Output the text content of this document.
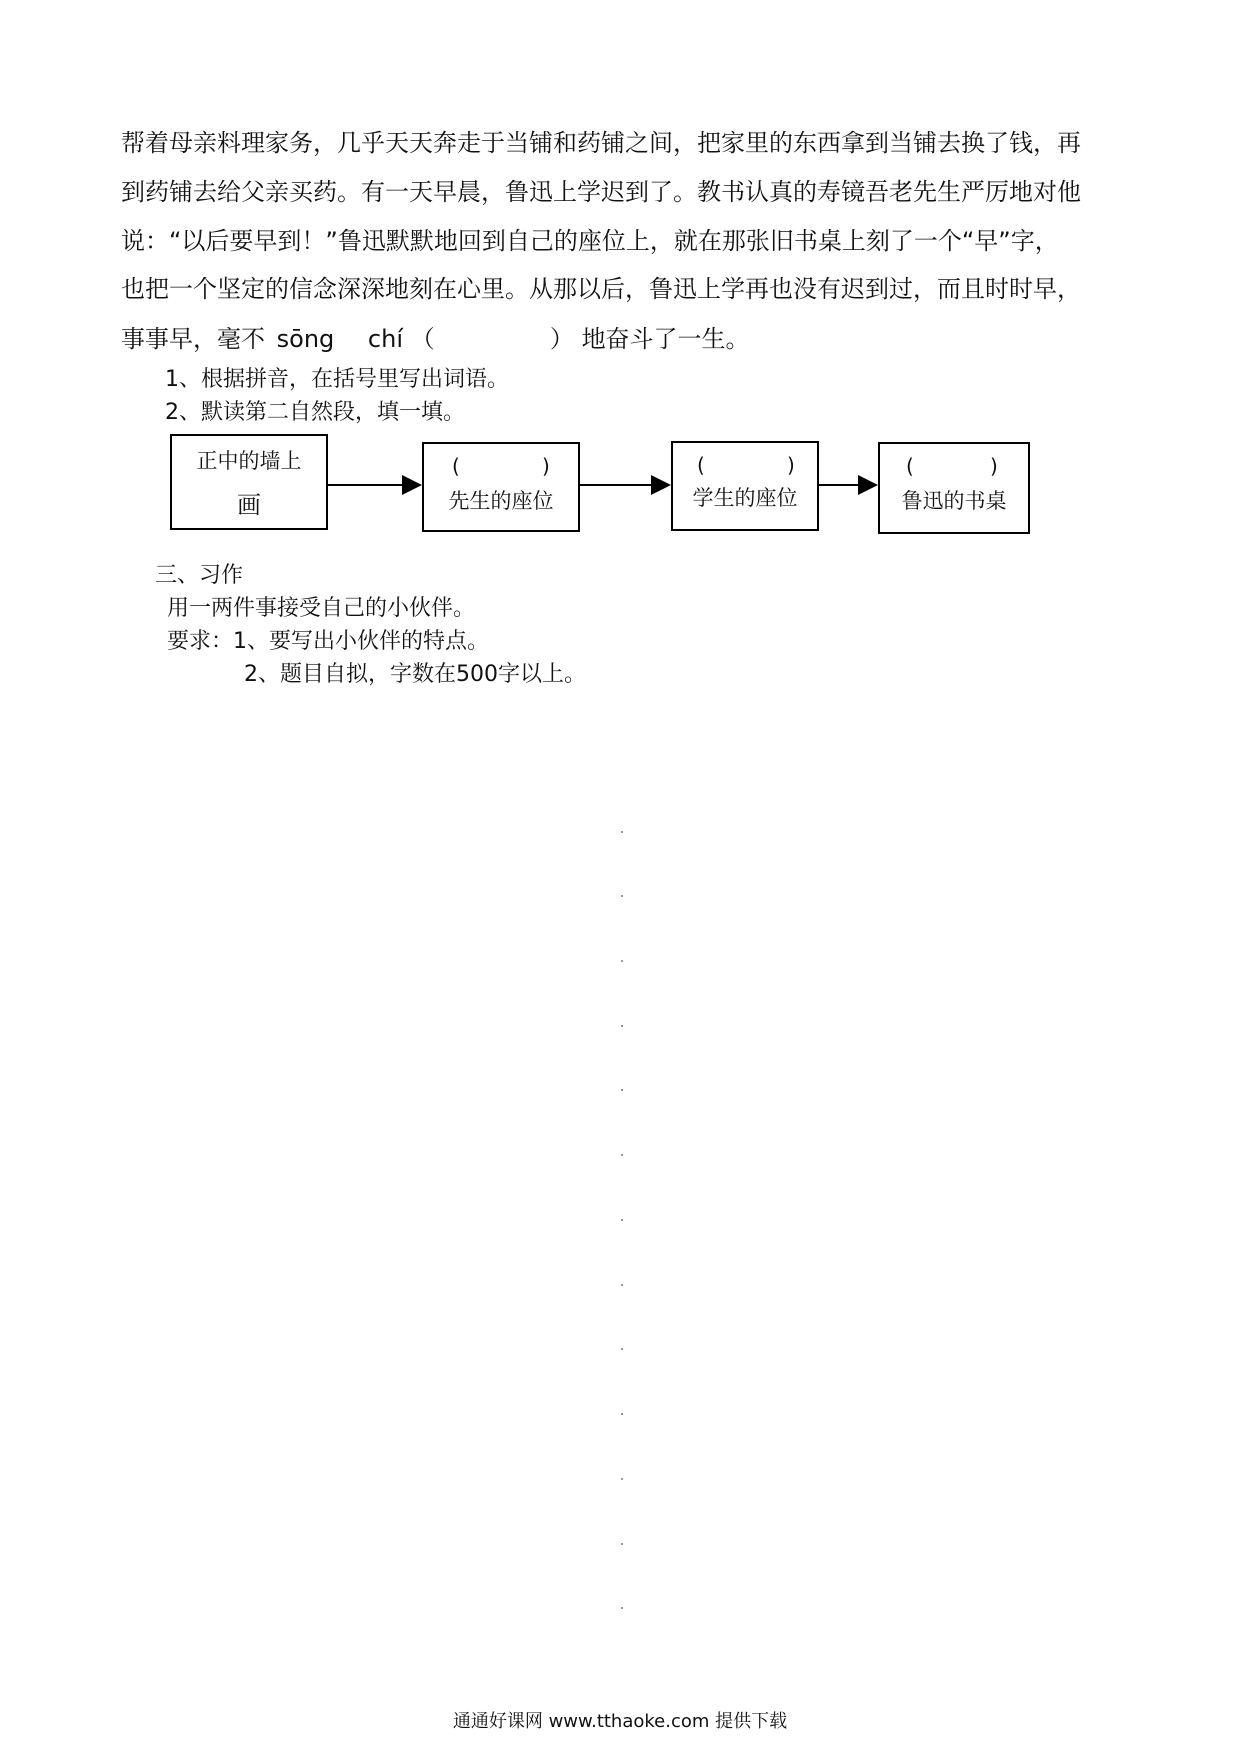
帮着母亲料理家务，几乎天天奔走于当铺和药铺之间，把家里的东西拿到当铺去换了钱，再
到药铺去给父亲买药。有一天早晨，鲁迅上学迟到了。教书认真的寿镜吾老先生严厉地对他
说：“以后要早到！”鲁迅默默地回到自己的座位上，就在那张旧书桌上刻了一个“早”字，
也把一个坚定的信念深深地刻在心里。从那以后，鲁迅上学再也没有迟到过，而且时时早，
事事早，毫不 sōng chí （	） 地奋斗了一生。
1、根据拼音，在括号里写出词语。
2、默读第二自然段，填一填。
正中的墙上
画
(	)
先生的座位
(	)
学生的座位
(	)
鲁迅的书桌
三、习作
用一两件事接受自己的小伙伴。
要求：1、要写出小伙伴的特点。
2、题目自拟，字数在500字以上。
通通好课网 www.tthaoke.com 提供下载
